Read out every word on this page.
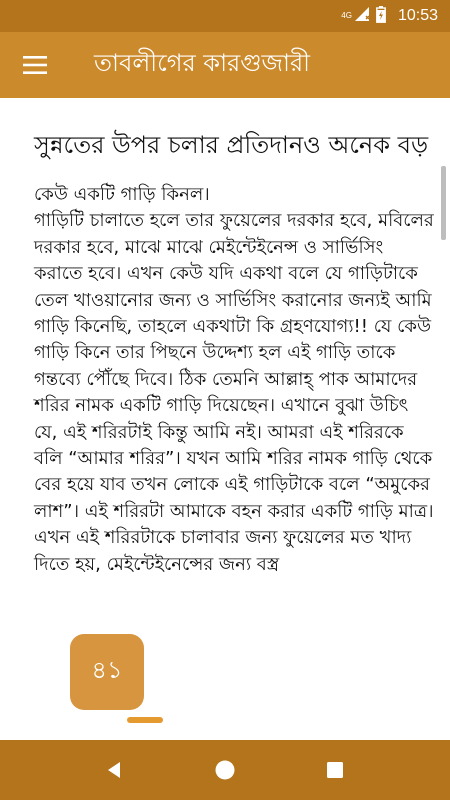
4G	10:53
তাবলীগের কারগুজারী
সুন্নতের উপর চলার প্রতিদানও অনেক বড়

কেউ একটি গাড়ি কিনল।
গাড়িটি চালাতে হলে তার ফুয়েলের দরকার হবে, মবিলের দরকার হবে, মাঝে মাঝে মেইন্টেইনেন্স ও সার্ভিসিং করাতে হবে। এখন কেউ যদি একথা বলে যে গাড়িটাকে তেল খাওয়ানোর জন্য ও সার্ভিসিং করানোর জন্যই আমি গাড়ি কিনেছি, তাহলে একথাটা কি গ্রহণযোগ্য!! যে কেউ গাড়ি কিনে তার পিছনে উদ্দেশ্য হল এই গাড়ি তাকে গন্তব্যে পৌঁছে দিবে। ঠিক তেমনি আল্লাহ্ পাক আমাদের শরির নামক একটি গাড়ি দিয়েছেন। এখানে বুঝা উচিৎ যে, এই শরিরটাই কিন্তু আমি নই। আমরা এই শরিরকে বলি “আমার শরির”। যখন আমি শরির নামক গাড়ি থেকে বের হয়ে যাব তখন লোকে এই গাড়িটাকে বলে “অমুকের লাশ”। এই শরিরটা আমাকে বহন করার একটি গাড়ি মাত্র। এখন এই শরিরটাকে চালাবার জন্য ফুয়েলের মত খাদ্য দিতে হয়, মেইন্টেইনেন্সের জন্য বস্ত্র

৪১
